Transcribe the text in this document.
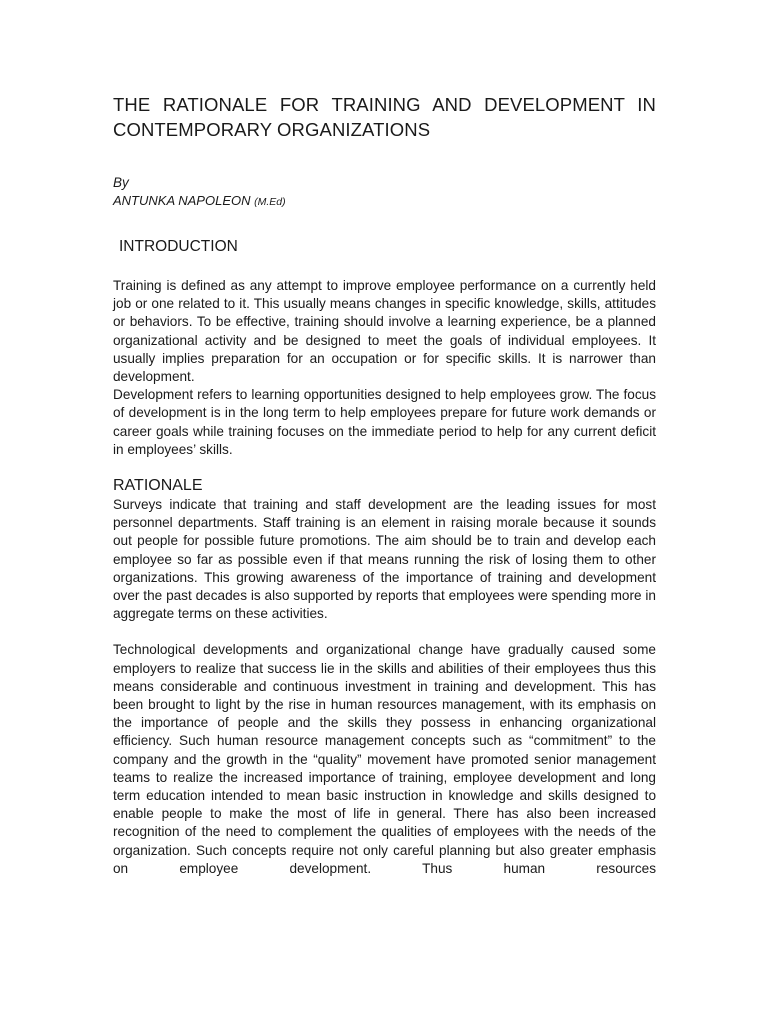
THE RATIONALE FOR TRAINING AND DEVELOPMENT IN CONTEMPORARY ORGANIZATIONS
By
ANTUNKA NAPOLEON (M.Ed)
INTRODUCTION

Training is defined as any attempt to improve employee performance on a currently held job or one related to it. This usually means changes in specific knowledge, skills, attitudes or behaviors. To be effective, training should involve a learning experience, be a planned organizational activity and be designed to meet the goals of individual employees. It usually implies preparation for an occupation or for specific skills. It is narrower than development.

Development refers to learning opportunities designed to help employees grow. The focus of development is in the long term to help employees prepare for future work demands or career goals while training focuses on the immediate period to help for any current deficit in employees’ skills.

RATIONALE

Surveys indicate that training and staff development are the leading issues for most personnel departments. Staff training is an element in raising morale because it sounds out people for possible future promotions. The aim should be to train and develop each employee so far as possible even if that means running the risk of losing them to other organizations. This growing awareness of the importance of training and development over the past decades is also supported by reports that employees were spending more in aggregate terms on these activities.

Technological developments and organizational change have gradually caused some employers to realize that success lie in the skills and abilities of their employees thus this means considerable and continuous investment in training and development. This has been brought to light by the rise in human resources management, with its emphasis on the importance of people and the skills they possess in enhancing organizational efficiency. Such human resource management concepts such as “commitment” to the company and the growth in the “quality” movement have promoted senior management teams to realize the increased importance of training, employee development and long term education intended to mean basic instruction in knowledge and skills designed to enable people to make the most of life in general. There has also been increased recognition of the need to complement the qualities of employees with the needs of the organization. Such concepts require not only careful planning but also greater emphasis on employee development. Thus human resources
